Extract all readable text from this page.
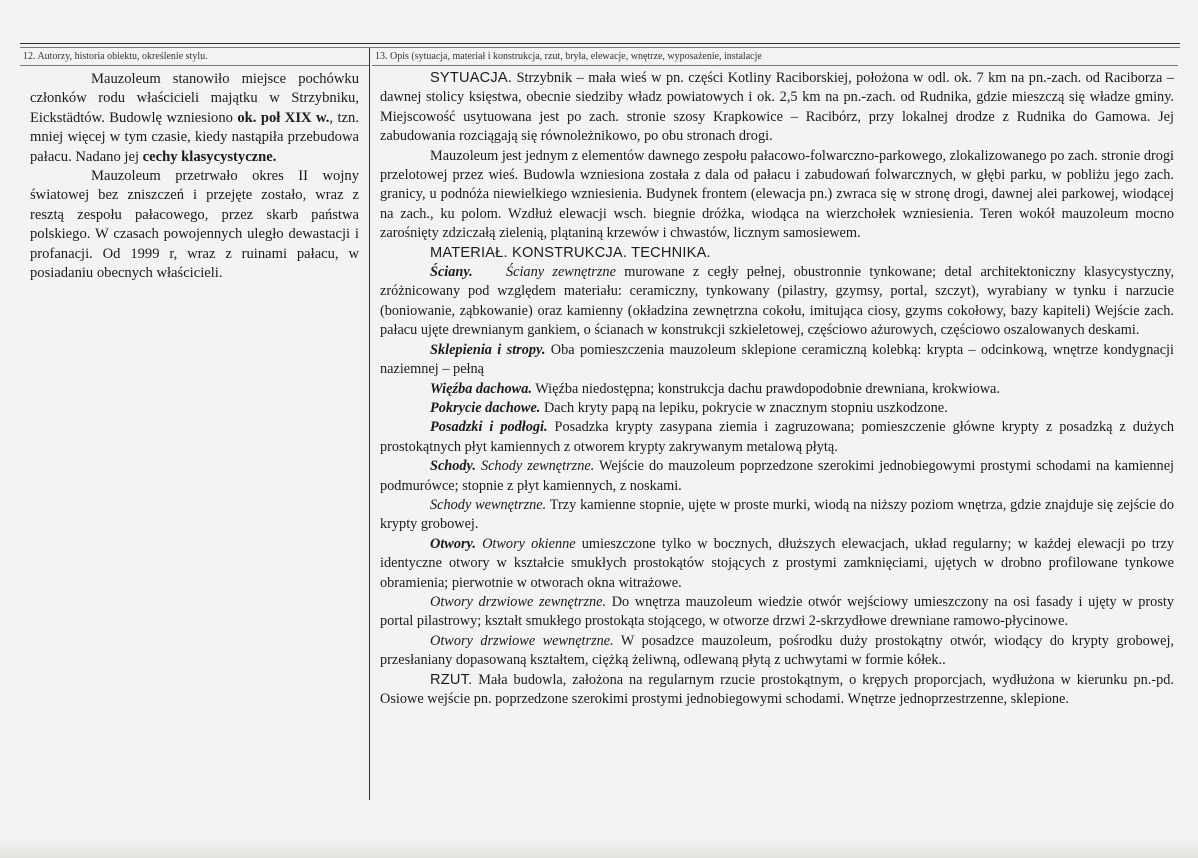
12. Autorzy, historia obiektu, określenie stylu.

Mauzoleum stanowiło miejsce pochówku członków rodu właścicieli majątku w Strzybniku, Eickstädtów. Budowlę wzniesiono ok. poł XIX w., tzn. mniej więcej w tym czasie, kiedy nastąpiła przebudowa pałacu. Nadano jej cechy klasycystyczne.

Mauzoleum przetrwało okres II wojny światowej bez zniszczeń i przejęte zostało, wraz z resztą zespołu pałacowego, przez skarb państwa polskiego. W czasach powojennych uległo dewastacji i profanacji. Od 1999 r, wraz z ruinami pałacu, w posiadaniu obecnych właścicieli.

13. Opis (sytuacja, materiał i konstrukcja, rzut, bryła, elewacje, wnętrze, wyposażenie, instalacje

SYTUACJA. Strzybnik – mała wieś w pn. części Kotliny Raciborskiej, położona w odl. ok. 7 km na pn.-zach. od Raciborza – dawnej stolicy księstwa, obecnie siedziby władz powiatowych i ok. 2,5 km na pn.-zach. od Rudnika, gdzie mieszczą się władze gminy. Miejscowość usytuowana jest po zach. stronie szosy Krapkowice – Racibórz, przy lokalnej drodze z Rudnika do Gamowa. Jej zabudowania rozciągają się równoleżnikowo, po obu stronach drogi.

Mauzoleum jest jednym z elementów dawnego zespołu pałacowo-folwarczno-parkowego, zlokalizowanego po zach. stronie drogi przelotowej przez wieś. Budowla wzniesiona została z dala od pałacu i zabudowań folwarcznych, w głębi parku, w pobliżu jego zach. granicy, u podnóża niewielkiego wzniesienia. Budynek frontem (elewacja pn.) zwraca się w stronę drogi, dawnej alei parkowej, wiodącej na zach., ku polom. Wzdłuż elewacji wsch. biegnie dróżka, wiodąca na wierzchołek wzniesienia. Teren wokół mauzoleum mocno zarośnięty zdziczałą zielenią, plątaniną krzewów i chwastów, licznym samosiewem.

MATERIAŁ. KONSTRUKCJA. TECHNIKA.

Ściany. Ściany zewnętrzne murowane z cegły pełnej, obustronnie tynkowane; detal architektoniczny klasycystyczny, zróżnicowany pod względem materiału: ceramiczny, tynkowany (pilastry, gzymsy, portal, szczyt), wyrabiany w tynku i narzucie (boniowanie, ząbkowanie) oraz kamienny (okładzina zewnętrzna cokołu, imitująca ciosy, gzyms cokołowy, bazy kapiteli) Wejście zach. pałacu ujęte drewnianym gankiem, o ścianach w konstrukcji szkieletowej, częściowo ażurowych, częściowo oszalowanych deskami.

Sklepienia i stropy. Oba pomieszczenia mauzoleum sklepione ceramiczną kolebką: krypta – odcinkową, wnętrze kondygnacji naziemnej – pełną

Więźba dachowa. Więźba niedostępna; konstrukcja dachu prawdopodobnie drewniana, krokwiowa.

Pokrycie dachowe. Dach kryty papą na lepiku, pokrycie w znacznym stopniu uszkodzone.

Posadzki i podłogi. Posadzka krypty zasypana ziemia i zagruzowana; pomieszczenie główne krypty z posadzką z dużych prostokątnych płyt kamiennych z otworem krypty zakrywanym metalową płytą.

Schody. Schody zewnętrzne. Wejście do mauzoleum poprzedzone szerokimi jednobiegowymi prostymi schodami na kamiennej podmurówce; stopnie z płyt kamiennych, z noskami.

Schody wewnętrzne. Trzy kamienne stopnie, ujęte w proste murki, wiodą na niższy poziom wnętrza, gdzie znajduje się zejście do krypty grobowej.

Otwory. Otwory okienne umieszczone tylko w bocznych, dłuższych elewacjach, układ regularny; w każdej elewacji po trzy identyczne otwory w kształcie smukłych prostokątów stojących z prostymi zamknięciami, ujętych w drobno profilowane tynkowe obramienia; pierwotnie w otworach okna witrażowe.

Otwory drzwiowe zewnętrzne. Do wnętrza mauzoleum wiedzie otwór wejściowy umieszczony na osi fasady i ujęty w prosty portal pilastrowy; kształt smukłego prostokąta stojącego, w otworze drzwi 2-skrzydłowe drewniane ramowo-płycinowe.

Otwory drzwiowe wewnętrzne. W posadzce mauzoleum, pośrodku duży prostokątny otwór, wiodący do krypty grobowej, przesłaniany dopasowaną kształtem, ciężką żeliwną, odlewaną płytą z uchwytami w formie kółek..

RZUT. Mała budowla, założona na regularnym rzucie prostokątnym, o krępych proporcjach, wydłużona w kierunku pn.-pd. Osiowe wejście pn. poprzedzone szerokimi prostymi jednobiegowymi schodami. Wnętrze jednoprzestrzenne, sklepione.
